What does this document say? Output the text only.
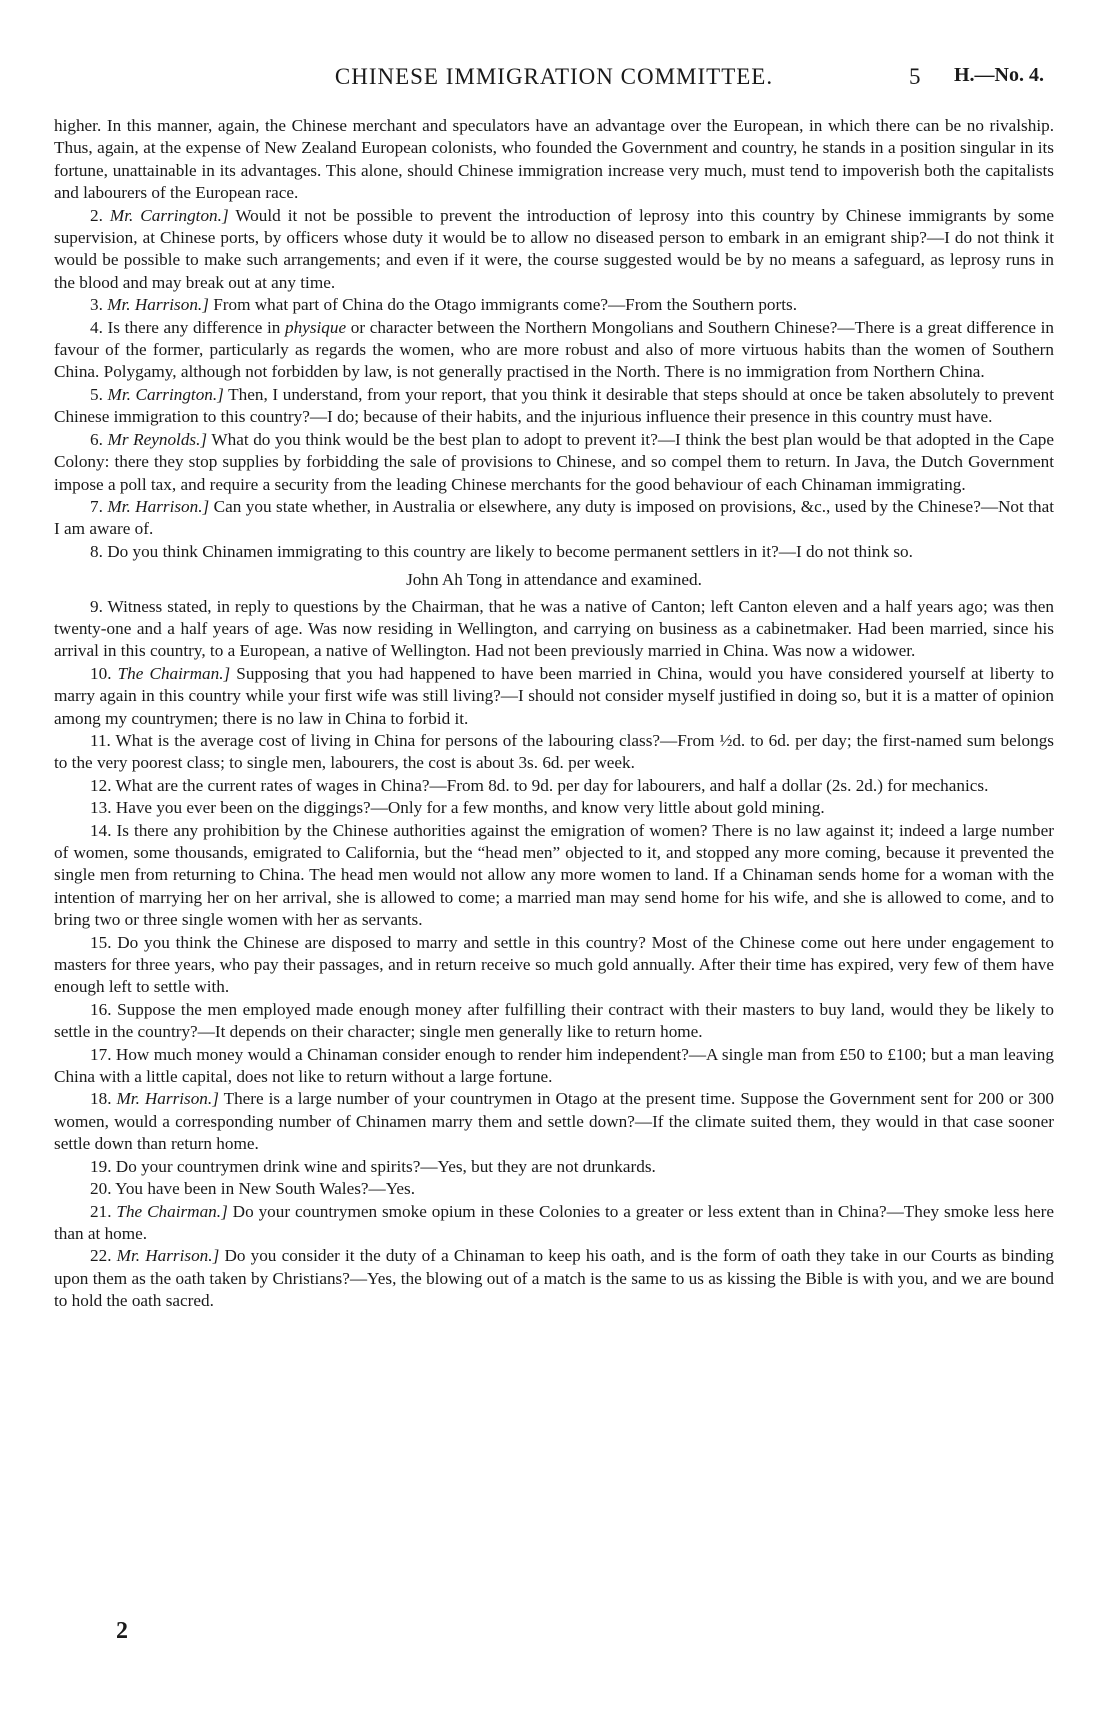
CHINESE IMMIGRATION COMMITTEE.	5 H.—No. 4.

higher. In this manner, again, the Chinese merchant and speculators have an advantage over the European, in which there can be no rivalship. Thus, again, at the expense of New Zealand European colonists, who founded the Government and country, he stands in a position singular in its fortune, unattainable in its advantages. This alone, should Chinese immigration increase very much, must tend to impoverish both the capitalists and labourers of the European race.

2. Mr. Carrington.] Would it not be possible to prevent the introduction of leprosy into this country by Chinese immigrants by some supervision, at Chinese ports, by officers whose duty it would be to allow no diseased person to embark in an emigrant ship?—I do not think it would be possible to make such arrangements; and even if it were, the course suggested would be by no means a safeguard, as leprosy runs in the blood and may break out at any time.

3. Mr. Harrison.] From what part of China do the Otago immigrants come?—From the Southern ports.

4. Is there any difference in physique or character between the Northern Mongolians and Southern Chinese?—There is a great difference in favour of the former, particularly as regards the women, who are more robust and also of more virtuous habits than the women of Southern China. Polygamy, although not forbidden by law, is not generally practised in the North. There is no immigration from Northern China.

5. Mr. Carrington.] Then, I understand, from your report, that you think it desirable that steps should at once be taken absolutely to prevent Chinese immigration to this country?—I do; because of their habits, and the injurious influence their presence in this country must have.

6. Mr Reynolds.] What do you think would be the best plan to adopt to prevent it?—I think the best plan would be that adopted in the Cape Colony: there they stop supplies by forbidding the sale of provisions to Chinese, and so compel them to return. In Java, the Dutch Government impose a poll tax, and require a security from the leading Chinese merchants for the good behaviour of each Chinaman immigrating.

7. Mr. Harrison.] Can you state whether, in Australia or elsewhere, any duty is imposed on provisions, &c., used by the Chinese?—Not that I am aware of.

8. Do you think Chinamen immigrating to this country are likely to become permanent settlers in it?—I do not think so.

John Ah Tong in attendance and examined.

9. Witness stated, in reply to questions by the Chairman, that he was a native of Canton; left Canton eleven and a half years ago; was then twenty-one and a half years of age. Was now residing in Wellington, and carrying on business as a cabinetmaker. Had been married, since his arrival in this country, to a European, a native of Wellington. Had not been previously married in China. Was now a widower.

10. The Chairman.] Supposing that you had happened to have been married in China, would you have considered yourself at liberty to marry again in this country while your first wife was still living?—I should not consider myself justified in doing so, but it is a matter of opinion among my countrymen; there is no law in China to forbid it.

11. What is the average cost of living in China for persons of the labouring class?—From ½d. to 6d. per day; the first-named sum belongs to the very poorest class; to single men, labourers, the cost is about 3s. 6d. per week.

12. What are the current rates of wages in China?—From 8d. to 9d. per day for labourers, and half a dollar (2s. 2d.) for mechanics.

13. Have you ever been on the diggings?—Only for a few months, and know very little about gold mining.

14. Is there any prohibition by the Chinese authorities against the emigration of women? There is no law against it; indeed a large number of women, some thousands, emigrated to California, but the “head men” objected to it, and stopped any more coming, because it prevented the single men from returning to China. The head men would not allow any more women to land. If a Chinaman sends home for a woman with the intention of marrying her on her arrival, she is allowed to come; a married man may send home for his wife, and she is allowed to come, and to bring two or three single women with her as servants.

15. Do you think the Chinese are disposed to marry and settle in this country? Most of the Chinese come out here under engagement to masters for three years, who pay their passages, and in return receive so much gold annually. After their time has expired, very few of them have enough left to settle with.

16. Suppose the men employed made enough money after fulfilling their contract with their masters to buy land, would they be likely to settle in the country?—It depends on their character; single men generally like to return home.

17. How much money would a Chinaman consider enough to render him independent?—A single man from £50 to £100; but a man leaving China with a little capital, does not like to return without a large fortune.

18. Mr. Harrison.] There is a large number of your countrymen in Otago at the present time. Suppose the Government sent for 200 or 300 women, would a corresponding number of Chinamen marry them and settle down?—If the climate suited them, they would in that case sooner settle down than return home.

19. Do your countrymen drink wine and spirits?—Yes, but they are not drunkards.

20. You have been in New South Wales?—Yes.

21. The Chairman.] Do your countrymen smoke opium in these Colonies to a greater or less extent than in China?—They smoke less here than at home.

22. Mr. Harrison.] Do you consider it the duty of a Chinaman to keep his oath, and is the form of oath they take in our Courts as binding upon them as the oath taken by Christians?—Yes, the blowing out of a match is the same to us as kissing the Bible is with you, and we are bound to hold the oath sacred.

2
